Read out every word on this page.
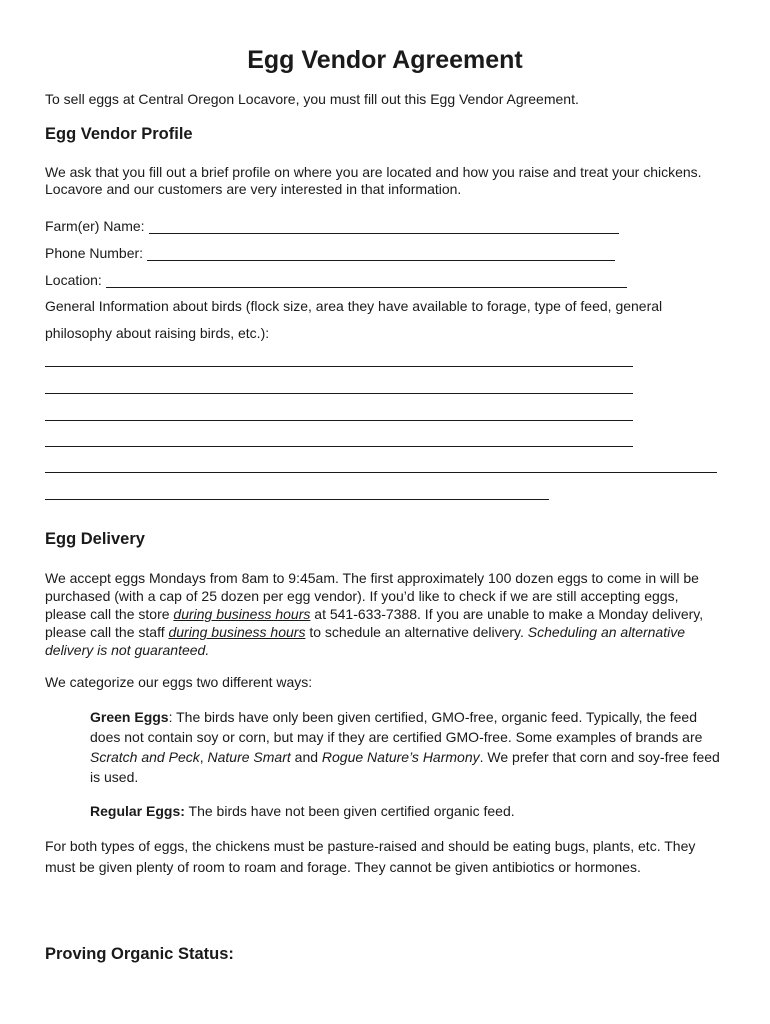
Egg Vendor Agreement

To sell eggs at Central Oregon Locavore, you must fill out this Egg Vendor Agreement.

Egg Vendor Profile

We ask that you fill out a brief profile on where you are located and how you raise and treat your chickens. Locavore and our customers are very interested in that information.

Farm(er) Name:
Phone Number:
Location:

General Information about birds (flock size, area they have available to forage, type of feed, general

philosophy about raising birds, etc.):

Egg Delivery

We accept eggs Mondays from 8am to 9:45am. The first approximately 100 dozen eggs to come in will be purchased (with a cap of 25 dozen per egg vendor). If you’d like to check if we are still accepting eggs, please call the store during business hours at 541-633-7388. If you are unable to make a Monday delivery, please call the staff during business hours to schedule an alternative delivery. Scheduling an alternative delivery is not guaranteed.

We categorize our eggs two different ways:

Green Eggs: The birds have only been given certified, GMO-free, organic feed. Typically, the feed does not contain soy or corn, but may if they are certified GMO-free. Some examples of brands are Scratch and Peck, Nature Smart and Rogue Nature’s Harmony. We prefer that corn and soy-free feed is used.

Regular Eggs: The birds have not been given certified organic feed.

For both types of eggs, the chickens must be pasture-raised and should be eating bugs, plants, etc. They must be given plenty of room to roam and forage. They cannot be given antibiotics or hormones.

Proving Organic Status:
